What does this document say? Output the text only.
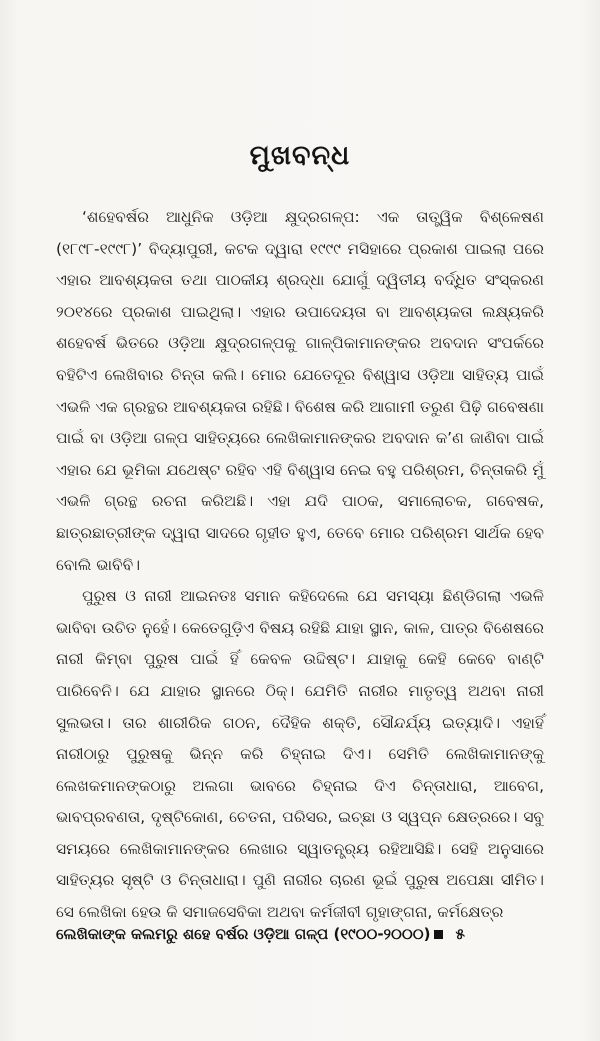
ମୁଖବନ୍ଧ

‘ଶହେବର୍ଷର ଆଧୁନିକ ଓଡ଼ିଆ କ୍ଷୁଦ୍ରଗଳ୍ପ: ଏକ ତାତ୍ତ୍ୱିକ ବିଶ୍ଳେଷଣ (୧୮୯୮-୧୯୯୮)’ ବିଦ୍ୟାପୁରୀ, କଟକ ଦ୍ୱାରା ୧୯୯୯ ମସିହାରେ ପ୍ରକାଶ ପାଇଲା ପରେ ଏହାର ଆବଶ୍ୟକତା ତଥା ପାଠକୀୟ ଶ୍ରଦ୍ଧା ଯୋଗୁଁ ଦ୍ୱିତୀୟ ବର୍ଦ୍ଧିତ ସଂସ୍କରଣ ୨୦୧୪ରେ ପ୍ରକାଶ ପାଇଥିଲା। ଏହାର ଉପାଦେୟତା ବା ଆବଶ୍ୟକତା ଲକ୍ଷ୍ୟକରି ଶହେବର୍ଷ ଭିତରେ ଓଡ଼ିଆ କ୍ଷୁଦ୍ରଗଳ୍ପକୁ ଗାଳ୍ପିକାମାନଙ୍କର ଅବଦାନ ସଂପର୍କରେ ବହିଟିଏ ଲେଖିବାର ଚିନ୍ତା କଲି। ମୋର ଯେତେଦୂର ବିଶ୍ୱାସ ଓଡ଼ିଆ ସାହିତ୍ୟ ପାଇଁ ଏଭଳି ଏକ ଗ୍ରନ୍ଥର ଆବଶ୍ୟକତା ରହିଛି। ବିଶେଷ କରି ଆଗାମୀ ତରୁଣ ପିଢ଼ି ଗବେଷଣା ପାଇଁ ବା ଓଡ଼ିଆ ଗଳ୍ପ ସାହିତ୍ୟରେ ଲେଖିକାମାନଙ୍କର ଅବଦାନ କ’ଣ ଜାଣିବା ପାଇଁ ଏହାର ଯେ ଭୂମିକା ଯଥେଷ୍ଟ ରହିବ ଏହି ବିଶ୍ୱାସ ନେଇ ବହୁ ପରିଶ୍ରମ, ଚିନ୍ତାକରି ମୁଁ ଏଭଳି ଗ୍ରନ୍ଥ ରଚନା କରିଅଛି। ଏହା ଯଦି ପାଠକ, ସମାଲୋଚକ, ଗବେଷକ, ଛାତ୍ରଛାତ୍ରୀଙ୍କ ଦ୍ୱାରା ସାଦରେ ଗୃହୀତ ହୁଏ, ତେବେ ମୋର ପରିଶ୍ରମ ସାର୍ଥକ ହେବ ବୋଲି ଭାବିବି।

ପୁରୁଷ ଓ ନାରୀ ଆଇନତଃ ସମାନ କହିଦେଲେ ଯେ ସମସ୍ୟା ଛିଣ୍ଡିଗଲା ଏଭଳି ଭାବିବା ଉଚିତ ନୁହେଁ। କେତେଗୁଡ଼ିଏ ବିଷୟ ରହିଛି ଯାହା ସ୍ଥାନ, କାଳ, ପାତ୍ର ବିଶେଷରେ ନାରୀ କିମ୍ବା ପୁରୁଷ ପାଇଁ ହିଁ କେବଳ ଉଦ୍ଦିଷ୍ଟ। ଯାହାକୁ କେହି କେବେ ବାଣ୍ଟି ପାରିବେନି। ଯେ ଯାହାର ସ୍ଥାନରେ ଠିକ୍। ଯେମିତି ନାରୀର ମାତୃତ୍ୱ ଅଥବା ନାରୀ ସୁଲଭତା। ତାର ଶାରୀରିକ ଗଠନ, ଦୈହିକ ଶକ୍ତି, ସୌନ୍ଦର୍ଯ୍ୟ ଇତ୍ୟାଦି। ଏହାହିଁ ନାରୀଠାରୁ ପୁରୁଷକୁ ଭିନ୍ନ କରି ଚିହ୍ନାଇ ଦିଏ। ସେମିତି ଲେଖିକାମାନଙ୍କୁ ଲେଖକମାନଙ୍କଠାରୁ ଅଲଗା ଭାବରେ ଚିହ୍ନାଇ ଦିଏ ଚିନ୍ତାଧାରା, ଆବେଗ, ଭାବପ୍ରବଣତା, ଦୃଷ୍ଟିକୋଣ, ଚେତନା, ପରିସର, ଇଚ୍ଛା ଓ ସ୍ୱପ୍ନ କ୍ଷେତ୍ରରେ। ସବୁ ସମୟରେ ଲେଖିକାମାନଙ୍କର ଲେଖାର ସ୍ୱାତନ୍ତ୍ର୍ୟ ରହିଆସିଛି। ସେହି ଅନୁସାରେ ସାହିତ୍ୟର ସୃଷ୍ଟି ଓ ଚିନ୍ତାଧାରା। ପୁଣି ନାରୀର ଚାରଣ ଭୂଇଁ ପୁରୁଷ ଅପେକ୍ଷା ସୀମିତ। ସେ ଲେଖିକା ହେଉ କି ସମାଜସେବିକା ଅଥବା କର୍ମଜୀବୀ ଗୃହାଙ୍ଗନା, କର୍ମକ୍ଷେତ୍ର

ଲେଖିକାଙ୍କ କଲମରୁ ଶହେ ବର୍ଷର ଓଡ଼ିଆ ଗଳ୍ପ (୧୯୦୦-୨୦୦୦) ୫
